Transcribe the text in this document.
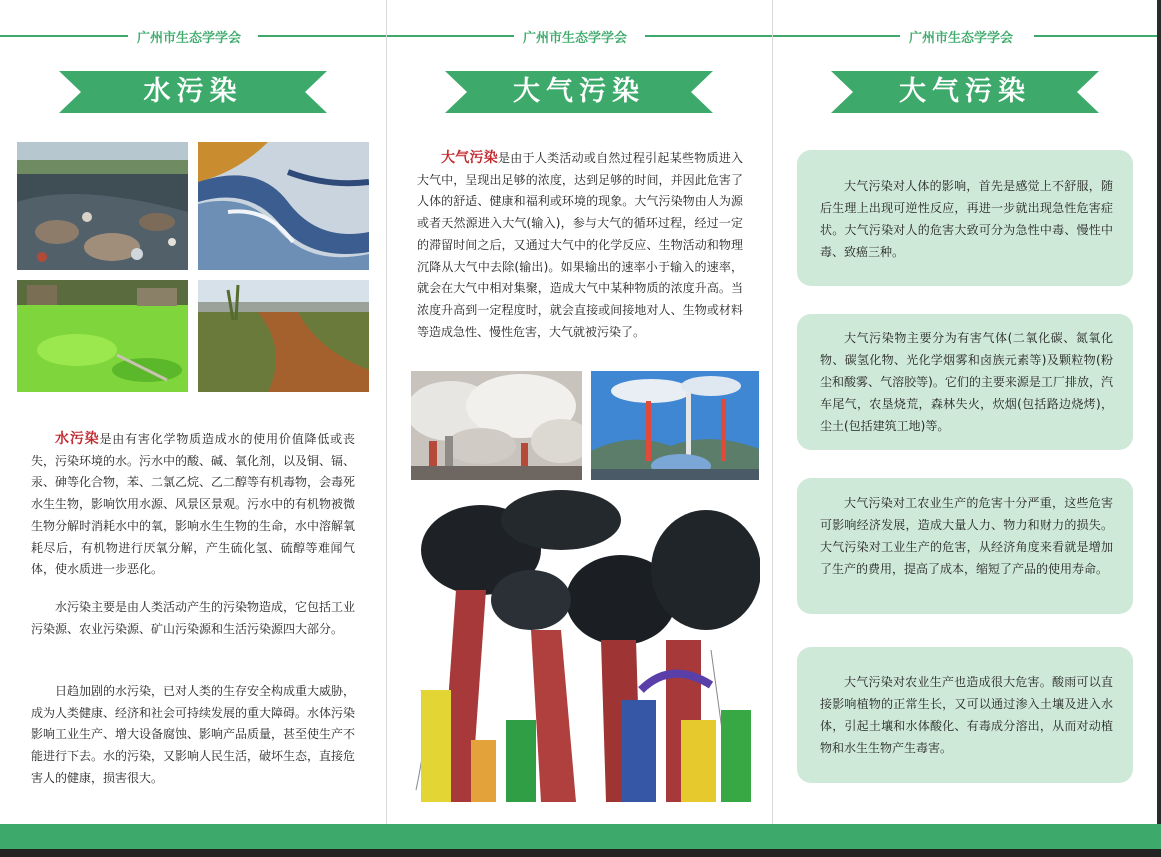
广州市生态学学会
水污染
水污染是由有害化学物质造成水的使用价值降低或丧失，污染环境的水。污水中的酸、碱、氧化剂，以及铜、镉、汞、砷等化合物，苯、二氯乙烷、乙二醇等有机毒物，会毒死水生生物，影响饮用水源、风景区景观。污水中的有机物被微生物分解时消耗水中的氧，影响水生生物的生命，水中溶解氧耗尽后，有机物进行厌氧分解，产生硫化氢、硫醇等难闻气体，使水质进一步恶化。
水污染主要是由人类活动产生的污染物造成，它包括工业污染源、农业污染源、矿山污染源和生活污染源四大部分。
日趋加剧的水污染，已对人类的生存安全构成重大威胁，成为人类健康、经济和社会可持续发展的重大障碍。水体污染影响工业生产、增大设备腐蚀、影响产品质量，甚至使生产不能进行下去。水的污染，又影响人民生活，破坏生态，直接危害人的健康，损害很大。
广州市生态学学会
大气污染
大气污染是由于人类活动或自然过程引起某些物质进入大气中，呈现出足够的浓度，达到足够的时间，并因此危害了人体的舒适、健康和福利或环境的现象。大气污染物由人为源或者天然源进入大气(输入)，参与大气的循环过程，经过一定的滞留时间之后，又通过大气中的化学反应、生物活动和物理沉降从大气中去除(输出)。如果输出的速率小于输入的速率，就会在大气中相对集聚，造成大气中某种物质的浓度升高。当浓度升高到一定程度时，就会直接或间接地对人、生物或材料等造成急性、慢性危害，大气就被污染了。
广州市生态学学会
大气污染

大气污染对人体的影响，首先是感觉上不舒服，随后生理上出现可逆性反应，再进一步就出现急性危害症状。大气污染对人的危害大致可分为急性中毒、慢性中毒、致癌三种。

大气污染物主要分为有害气体(二氧化碳、氮氧化物、碳氢化物、光化学烟雾和卤族元素等)及颗粒物(粉尘和酸雾、气溶胶等)。它们的主要来源是工厂排放，汽车尾气，农垦烧荒，森林失火，炊烟(包括路边烧烤)，尘土(包括建筑工地)等。

大气污染对工农业生产的危害十分严重，这些危害可影响经济发展，造成大量人力、物力和财力的损失。大气污染对工业生产的危害，从经济角度来看就是增加了生产的费用，提高了成本，缩短了产品的使用寿命。

大气污染对农业生产也造成很大危害。酸雨可以直接影响植物的正常生长，又可以通过渗入土壤及进入水体，引起土壤和水体酸化、有毒成分溶出，从而对动植物和水生生物产生毒害。
